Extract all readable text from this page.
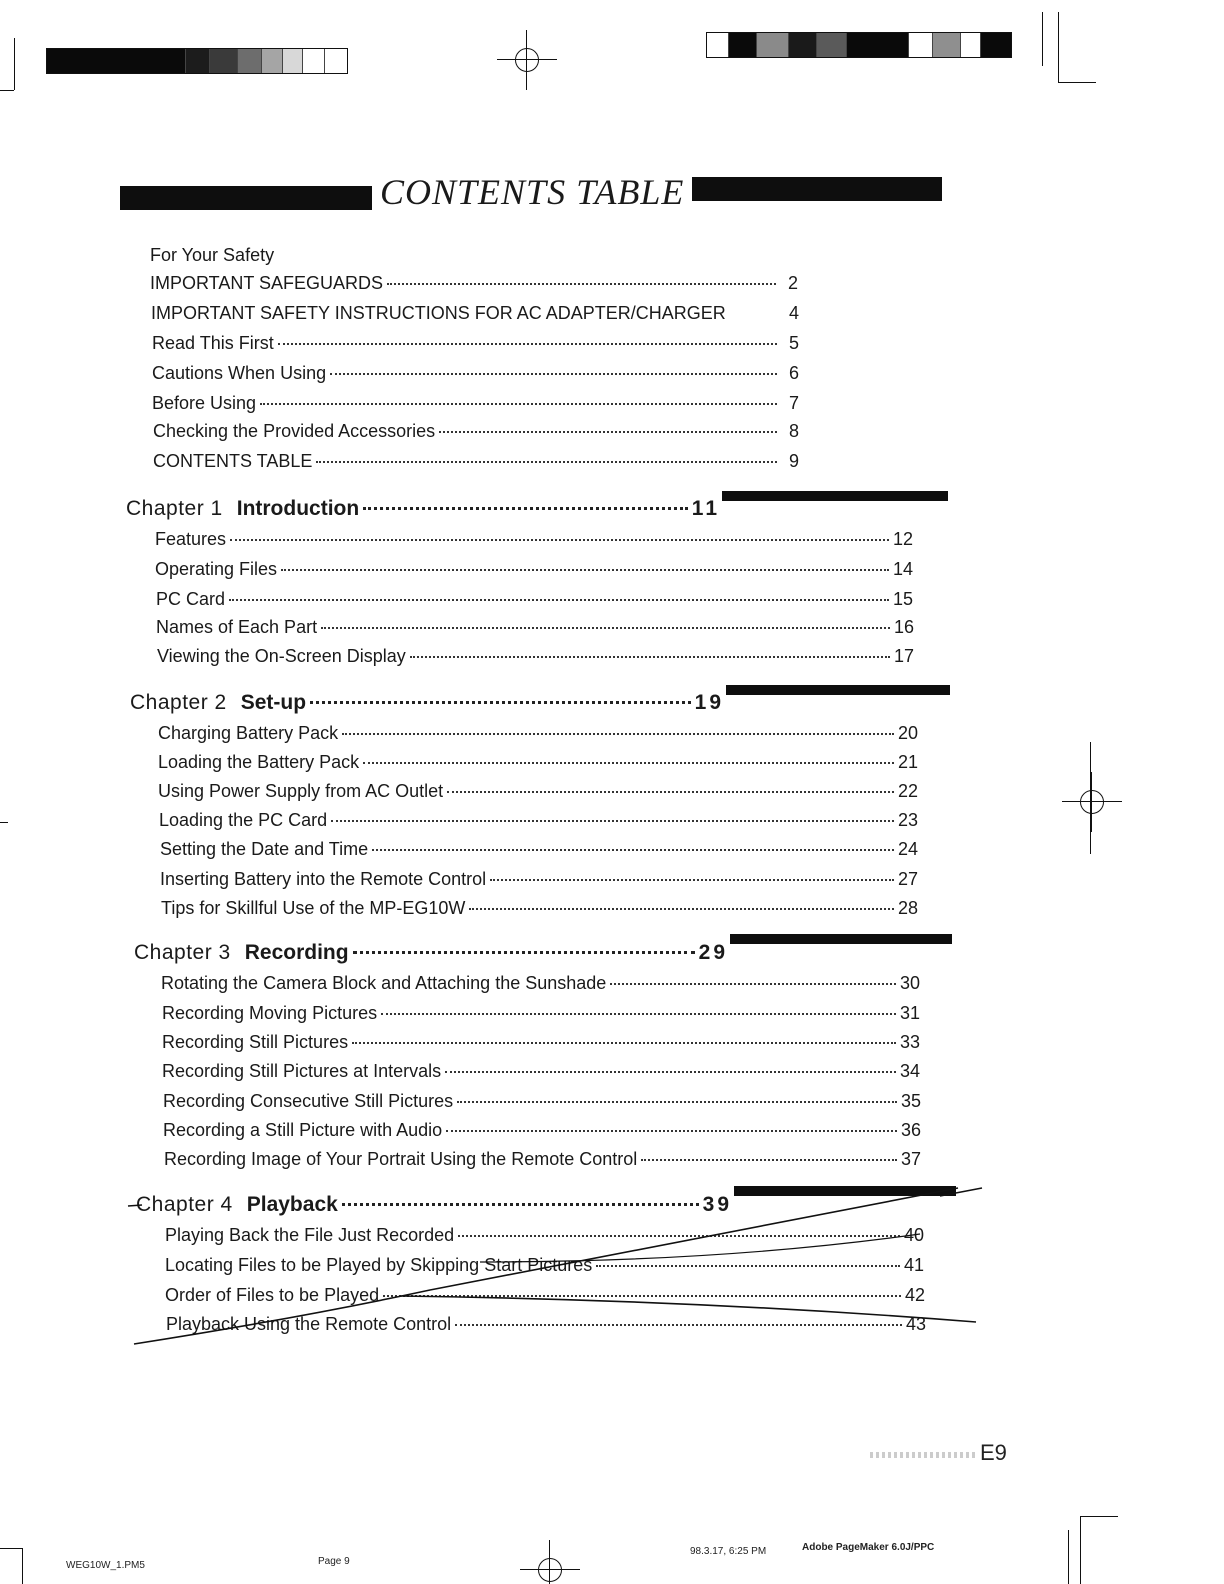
CONTENTS TABLE
For Your Safety
IMPORTANT SAFEGUARDS	2
IMPORTANT SAFETY INSTRUCTIONS FOR AC ADAPTER/CHARGER	4
Read This First	5
Cautions When Using	6
Before Using	7
Checking the Provided Accessories	8
CONTENTS TABLE	9
Chapter 1 Introduction	11
Features	12
Operating Files	14
PC Card	15
Names of Each Part	16
Viewing the On-Screen Display	17
Chapter 2 Set-up	19
Charging Battery Pack	20
Loading the Battery Pack	21
Using Power Supply from AC Outlet	22
Loading the PC Card	23
Setting the Date and Time	24
Inserting Battery into the Remote Control	27
Tips for Skillful Use of the MP-EG10W	28
Chapter 3 Recording	29
Rotating the Camera Block and Attaching the Sunshade	30
Recording Moving Pictures	31
Recording Still Pictures	33
Recording Still Pictures at Intervals	34
Recording Consecutive Still Pictures	35
Recording a Still Picture with Audio	36
Recording Image of Your Portrait Using the Remote Control	37
Chapter 4 Playback	39
Playing Back the File Just Recorded	40
Locating Files to be Played by Skipping Start Pictures	41
Order of Files to be Played	42
Playback Using the Remote Control	43
E9
WEG10W_1.PM5	Page 9
98.3.17, 6:25 PM	Adobe PageMaker 6.0J/PPC
